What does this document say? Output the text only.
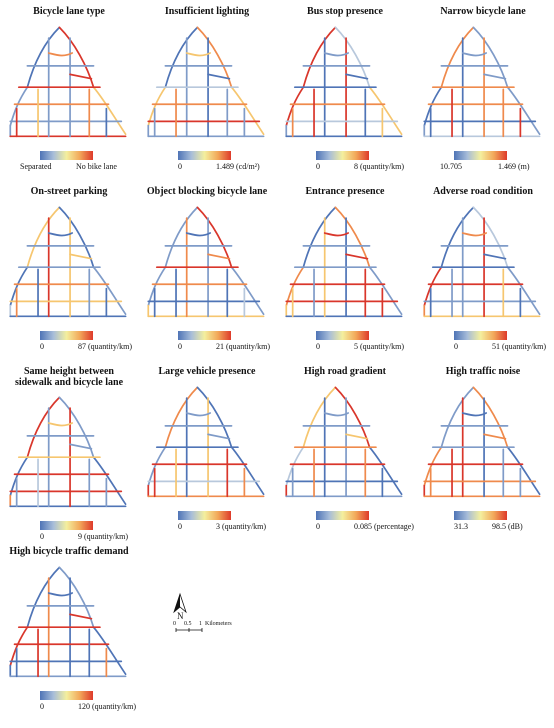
Bicycle lane type
Separated	No bike lane
Insufficient lighting
0	1.489 (cd/m²)
Bus stop presence
0	8 (quantity/km)
Narrow bicycle lane
10.705	1.469 (m)
On-street parking
0	87 (quantity/km)
Object blocking bicycle lane
0	21 (quantity/km)
Entrance presence
0	5 (quantity/km)
Adverse road condition
0	51 (quantity/km)
Same height between
sidewalk and bicycle lane
0	9 (quantity/km)
Large vehicle presence
0	3 (quantity/km)
High road gradient
0	0.085 (percentage)
High traffic noise
31.3	98.5 (dB)
High bicycle traffic demand
0	120 (quantity/km)
N
0 0.5 1 Kilometers
